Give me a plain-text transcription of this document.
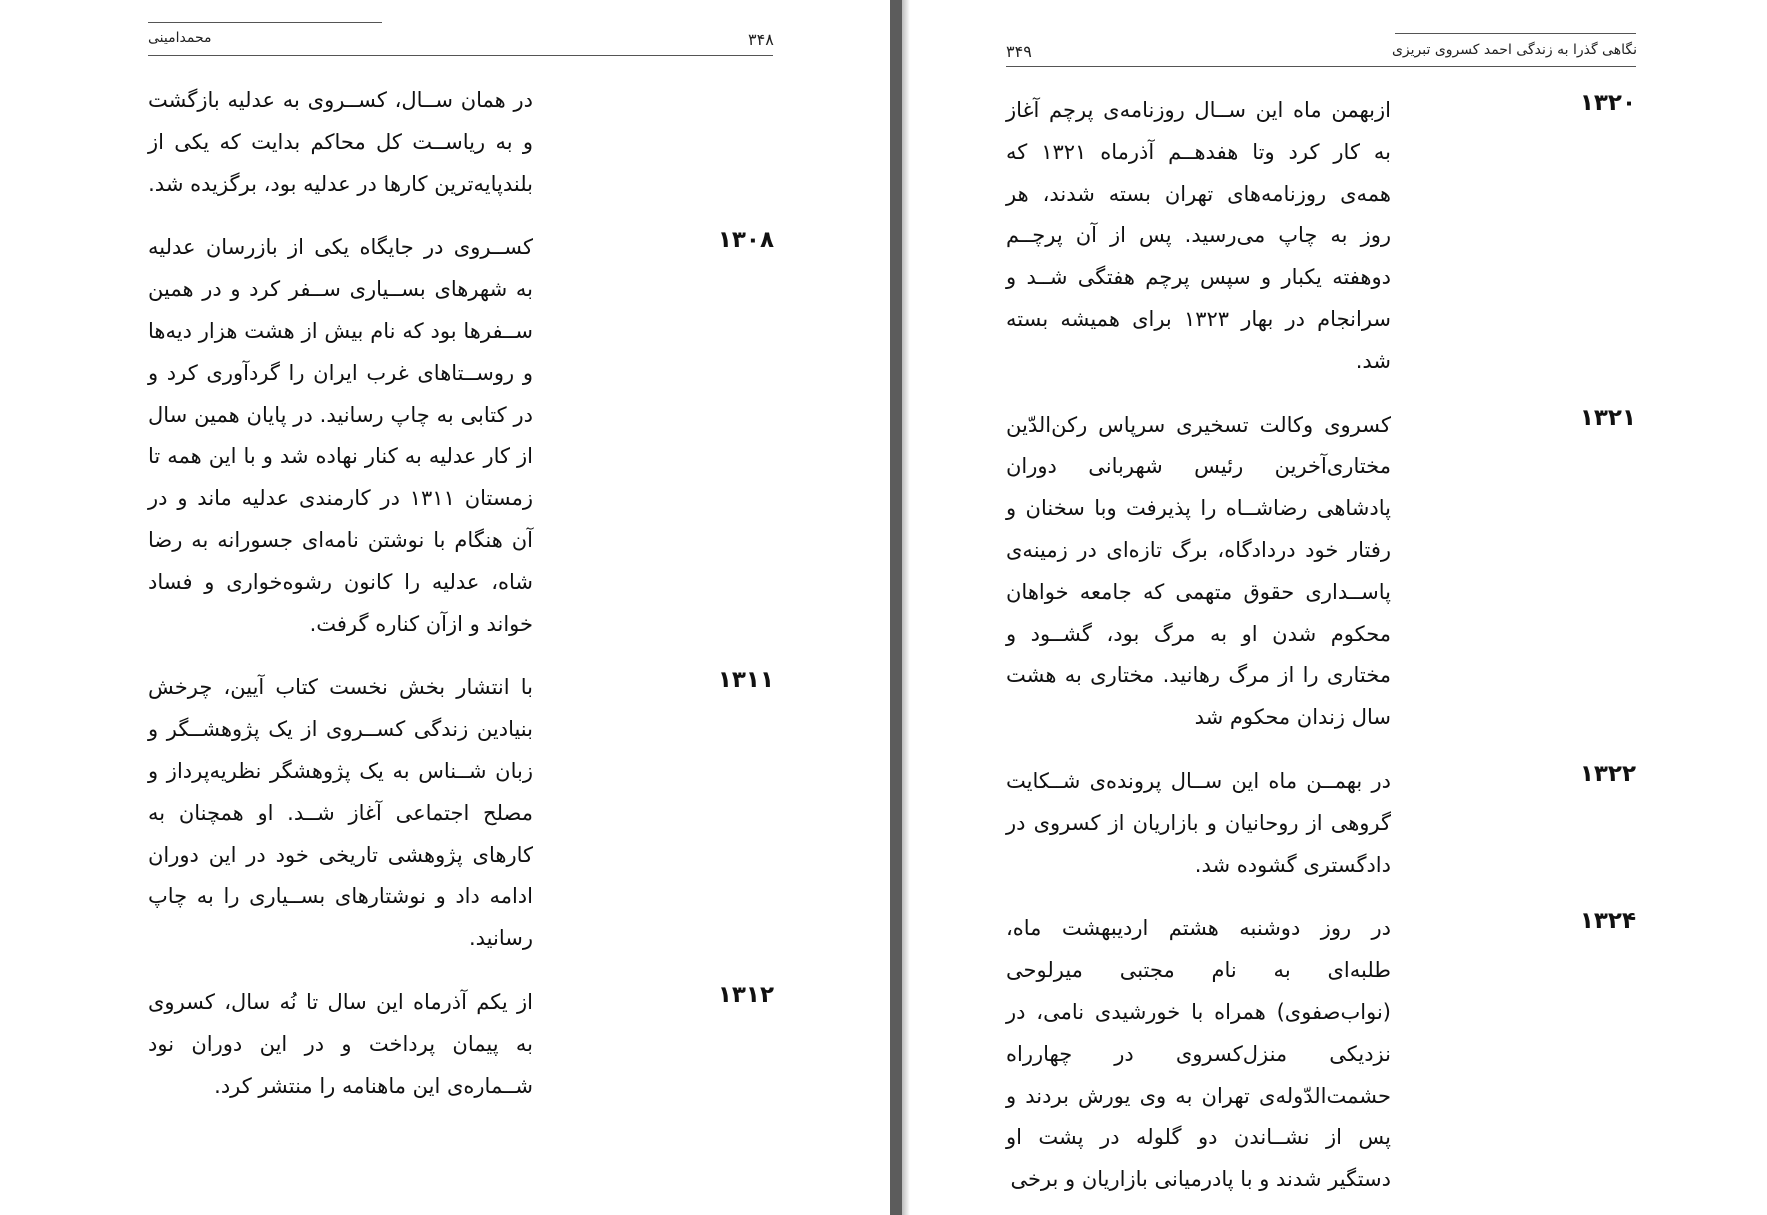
محمدامینی	۳۴۸
در همان ســال، کســروی به عدلیه بازگشت و به ریاســت کل محاکم بدایت که یکی از بلندپایه‌ترین کارها در عدلیه بود، برگزیده شد.
۱۳۰۸
کســروی در جایگاه یکی از بازرسان عدلیه به شهرهای بســیاری ســفر کرد و در همین ســفرها بود که نام بیش از هشت هزار دیه‌ها و روســتاهای غرب ایران را گردآوری کرد و در کتابی به چاپ رسانید. در پایان همین سال از کار عدلیه به کنار نهاده شد و با این همه تا زمستان ۱۳۱۱ در کارمندی عدلیه ماند و در آن هنگام با نوشتن نامه‌ای جسورانه به رضا شاه، عدلیه را کانون رشوه‌خواری و فساد خواند و ازآن کناره گرفت.
۱۳۱۱
با انتشار بخش نخست کتاب آیین، چرخش بنیادین زندگی کســروی از یک پژوهشــگر و زبان شــناس به یک پژوهشگر نظریه‌پرداز و مصلح اجتماعی آغاز شــد. او همچنان به کارهای پژوهشی تاریخی خود در این دوران ادامه داد و نوشتارهای بســیاری را به چاپ رسانید.
۱۳۱۲
از یکم آذرماه این سال تا نُه سال، کسروی به پیمان پرداخت و در این دوران نود شــماره‌ی این ماهنامه را منتشر کرد.
نگاهی گذرا به زندگی احمد کسروی تبریزی
۳۴۹
۱۳۲۰
ازبهمن ماه این ســال روزنامه‌ی پرچم آغاز به کار کرد وتا هفدهــم آذرماه ۱۳۲۱ که همه‌ی روزنامه‌های تهران بسته شدند، هر روز به چاپ می‌رسید. پس از آن پرچــم دوهفته یکبار و سپس پرچم هفتگی شــد و سرانجام در بهار ۱۳۲۳ برای همیشه بسته شد.
۱۳۲۱
کسروی وکالت تسخیری سرپاس رکن‌الدّین مختاری‌آخرین رئیس شهربانی دوران پادشاهی رضاشــاه را پذیرفت وبا سخنان و رفتار خود دردادگاه، برگ تازه‌ای در زمینه‌ی پاســداری حقوق متهمی که جامعه خواهان محکوم شدن او به مرگ بود، گشــود و مختاری را از مرگ رهانید. مختاری به هشت سال زندان محکوم شد
۱۳۲۲
در بهمــن ماه این ســال پرونده‌ی شــکایت گروهی از روحانیان و بازاریان از کسروی در دادگستری گشوده شد.
۱۳۲۴
در روز دوشنبه هشتم اردیبهشت ماه، طلبه‌ای به نام مجتبی میرلوحی (نواب‌صفوی) همراه با خورشیدی نامی، در نزدیکی منزل‌کسروی در چهارراه حشمت‌الدّوله‌ی تهران به وی یورش بردند و پس از نشــاندن دو گلوله در پشت او دستگیر شدند و با پادرمیانی بازاریان و برخی
